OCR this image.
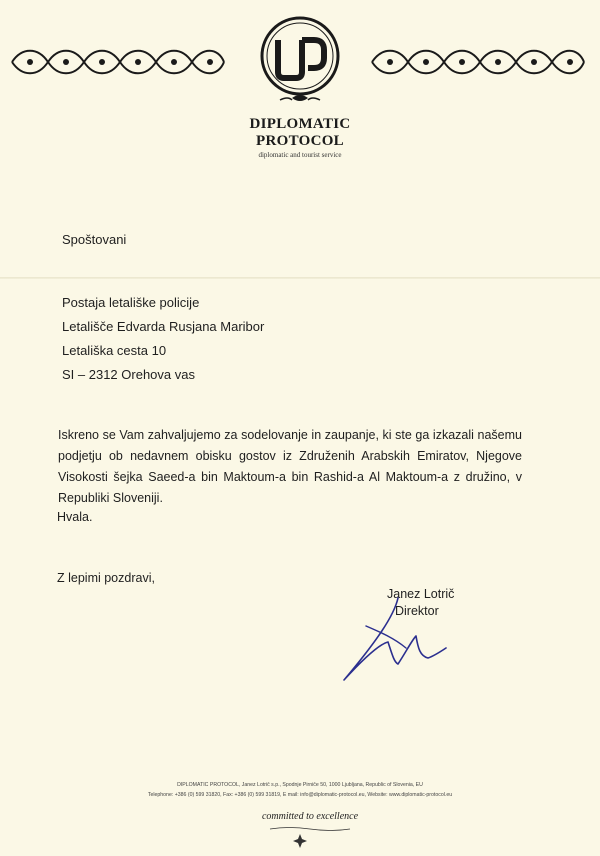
DIPLOMATIC
PROTOCOL
diplomatic and tourist service
Spoštovani
Postaja letališke policije
Letališče Edvarda Rusjana Maribor
Letališka cesta 10
SI – 2312 Orehova vas
Iskreno se Vam zahvaljujemo za sodelovanje in zaupanje, ki ste ga izkazali našemu podjetju ob nedavnem obisku gostov iz Združenih Arabskih Emiratov, Njegove Visokosti šejka Saeed-a bin Maktoum-a bin Rashid-a Al Maktoum-a z družino, v Republiki Sloveniji.
Hvala.
Z lepimi pozdravi,
Janez Lotrič
Direktor
DIPLOMATIC PROTOCOL, Janez Lotrič s.p., Spodnje Pirniče 50, 1000 Ljubljana, Republic of Slovenia, EU
Telephone: +386 (0) 599 31820, Fax: +386 (0) 599 31819, E mail: info@diplomatic-protocol.eu, Website: www.diplomatic-protocol.eu
committed to excellence
